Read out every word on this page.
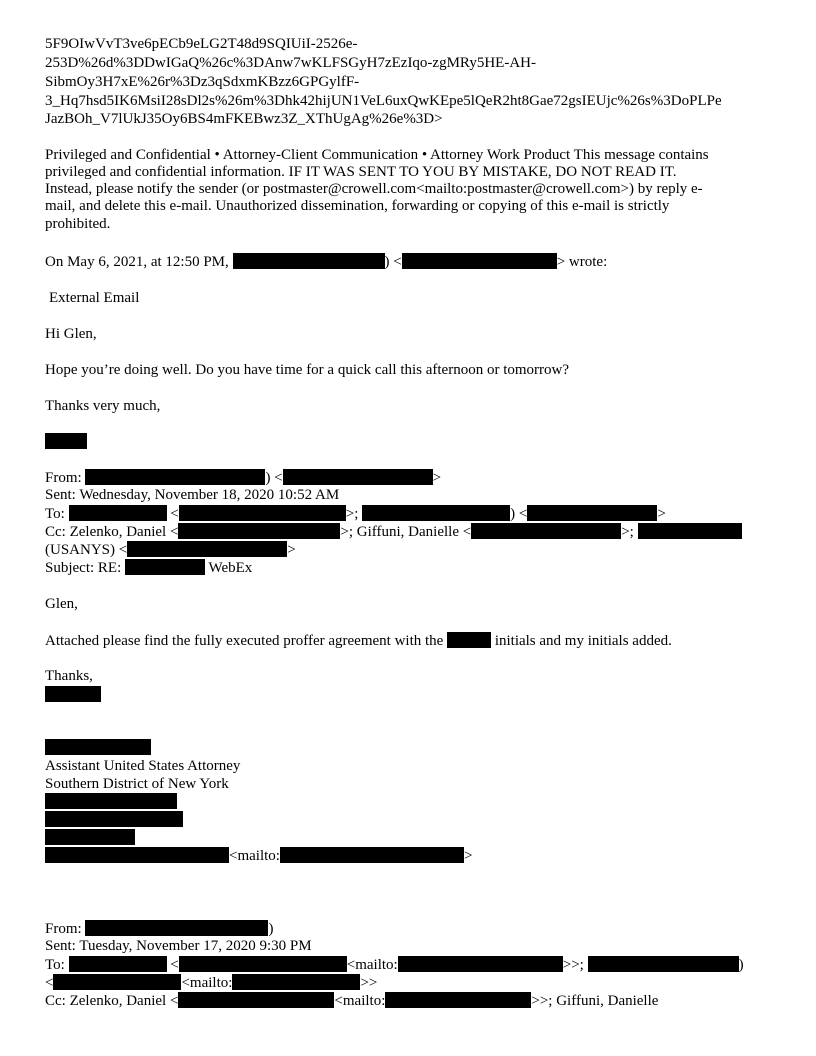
5F9OIwVvT3ve6pECb9eLG2T48d9SQIUiI-2526e-
253D%26d%3DDwIGaQ%26c%3DAnw7wKLFSGyH7zEzIqo-zgMRy5HE-AH-
SibmOy3H7xE%26r%3Dz3qSdxmKBzz6GPGylfF-
3_Hq7hsd5IK6MsiI28sDl2s%26m%3Dhk42hijUN1VeL6uxQwKEpe5lQeR2ht8Gae72gsIEUjc%26s%3DoPLPe
JazBOh_V7lUkJ35Oy6BS4mFKEBwz3Z_XThUgAg%26e%3D>
Privileged and Confidential • Attorney-Client Communication • Attorney Work Product This message contains
privileged and confidential information. IF IT WAS SENT TO YOU BY MISTAKE, DO NOT READ IT.
Instead, please notify the sender (or postmaster@crowell.com<mailto:postmaster@crowell.com>) by reply e-
mail, and delete this e-mail. Unauthorized dissemination, forwarding or copying of this e-mail is strictly
prohibited.
On May 6, 2021, at 12:50 PM,	) <	> wrote:
External Email
Hi Glen,
Hope you’re doing well. Do you have time for a quick call this afternoon or tomorrow?
Thanks very much,
From:	) <	>
Sent: Wednesday, November 18, 2020 10:52 AM
To:	<	>;	) <	>
Cc: Zelenko, Daniel <	>; Giffuni, Danielle <	>;
(USANYS) <	>
Subject: RE:	WebEx
Glen,
Attached please find the fully executed proffer agreement with the	initials and my initials added.
Thanks,
Assistant United States Attorney
Southern District of New York
<mailto:	>
From:	)
Sent: Tuesday, November 17, 2020 9:30 PM
To:	<	<mailto:	>>;	)
<	<mailto:	>>
Cc: Zelenko, Daniel <	<mailto:	>>; Giffuni, Danielle
